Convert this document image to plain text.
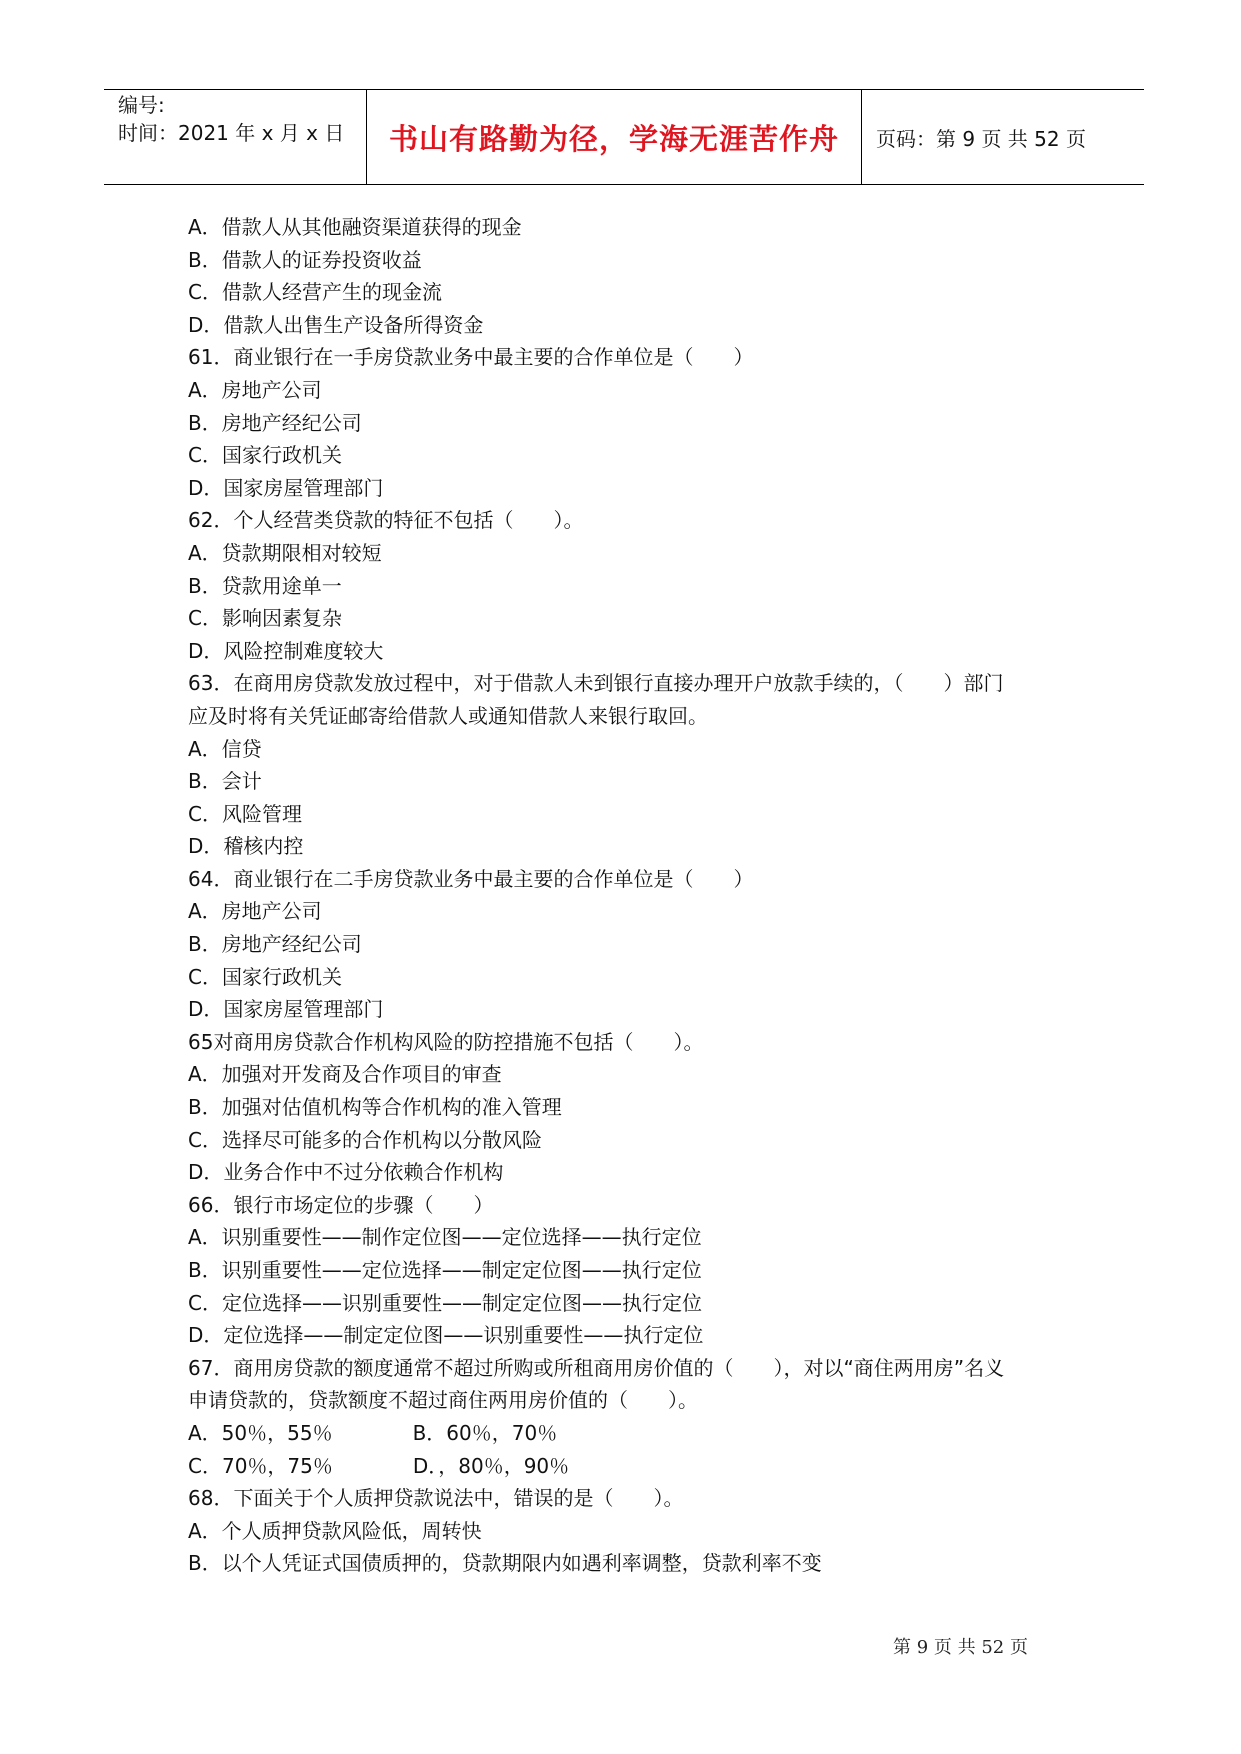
编号:
时间：2021 年 x 月 x 日 书山有路勤为径，学海无涯苦作舟 页码：第 9 页 共 52 页
A．借款人从其他融资渠道获得的现金
B．借款人的证券投资收益
C．借款人经营产生的现金流
D．借款人出售生产设备所得资金
61．商业银行在一手房贷款业务中最主要的合作单位是（　　）
A．房地产公司
B．房地产经纪公司
C．国家行政机关
D．国家房屋管理部门
62．个人经营类贷款的特征不包括（　　）。
A．贷款期限相对较短
B．贷款用途单一
C．影响因素复杂
D．风险控制难度较大
63．在商用房贷款发放过程中，对于借款人未到银行直接办理开户放款手续的，（　　）部门
应及时将有关凭证邮寄给借款人或通知借款人来银行取回。
A．信贷
B．会计
C．风险管理
D．稽核内控
64．商业银行在二手房贷款业务中最主要的合作单位是（　　）
A．房地产公司
B．房地产经纪公司
C．国家行政机关
D．国家房屋管理部门
65对商用房贷款合作机构风险的防控措施不包括（　　）。
A．加强对开发商及合作项目的审查
B．加强对估值机构等合作机构的准入管理
C．选择尽可能多的合作机构以分散风险
D．业务合作中不过分依赖合作机构
66．银行市场定位的步骤（　　）
A．识别重要性——制作定位图——定位选择——执行定位
B．识别重要性——定位选择——制定定位图——执行定位
C．定位选择——识别重要性——制定定位图——执行定位
D．定位选择——制定定位图——识别重要性——执行定位
67．商用房贷款的额度通常不超过所购或所租商用房价值的（　　），对以“商住两用房”名义
申请贷款的，贷款额度不超过商住两用房价值的（　　）。
A．50％，55％　　　　B．60％，70％
C．70％，75％　　　　D．，80％，90％
68．下面关于个人质押贷款说法中，错误的是（　　）。
A．个人质押贷款风险低，周转快
B．以个人凭证式国债质押的，贷款期限内如遇利率调整，贷款利率不变
第 9 页 共 52 页
